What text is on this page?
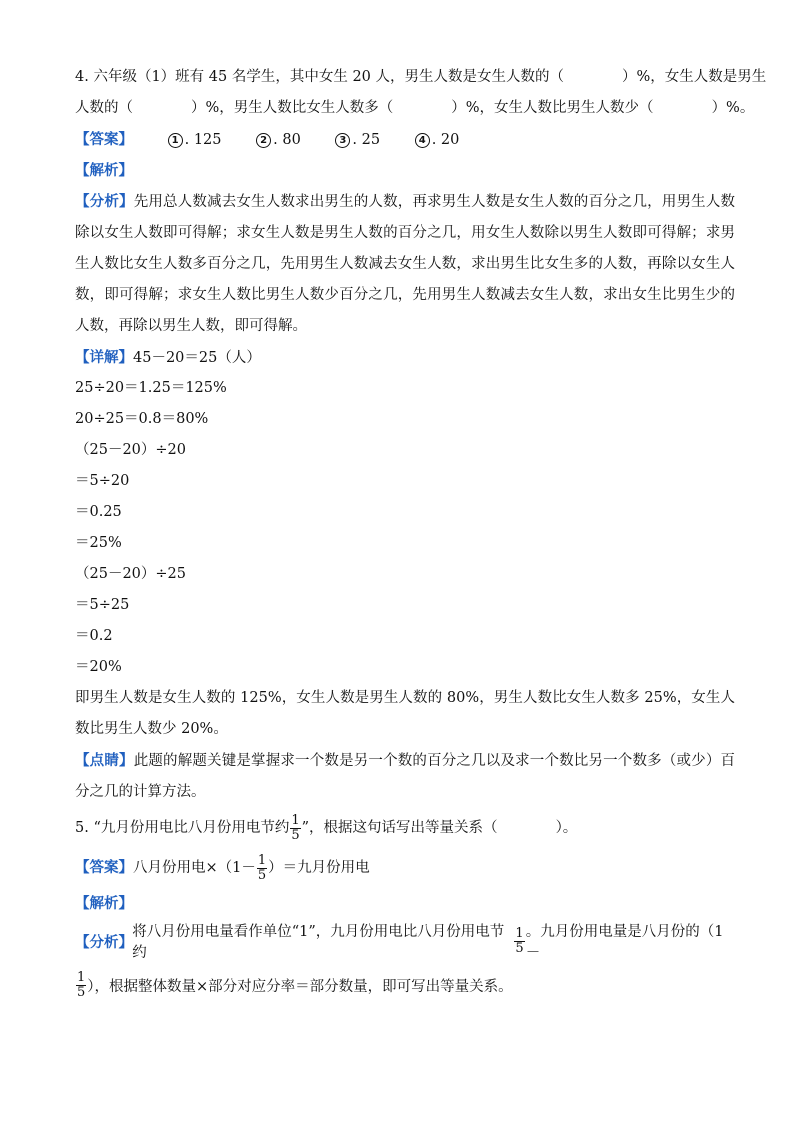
4. 六年级（1）班有 45 名学生，其中女生 20 人，男生人数是女生人数的（	）%，女生人数是男生
人数的（	）%，男生人数比女生人数多（	）%，女生人数比男生人数少（	）%。
【答案】	1 . 125	2 . 80	3 . 25	4 . 20
【解析】
【分析】先用总人数减去女生人数求出男生的人数，再求男生人数是女生人数的百分之几，用男生人数除以女生人数即可得解；求女生人数是男生人数的百分之几，用女生人数除以男生人数即可得解；求男生人数比女生人数多百分之几，先用男生人数减去女生人数，求出男生比女生多的人数，再除以女生人数，即可得解；求女生人数比男生人数少百分之几，先用男生人数减去女生人数，求出女生比男生少的人数，再除以男生人数，即可得解。
【详解】45－20＝25（人）
25÷20＝1.25＝125%
20÷25＝0.8＝80%
（25－20）÷20
＝5÷20
＝0.25
＝25%
（25－20）÷25
＝5÷25
＝0.2
＝20%
即男生人数是女生人数的 125%，女生人数是男生人数的 80%，男生人数比女生人数多 25%，女生人数比男生人数少 20%。
【点睛】此题的解题关键是掌握求一个数是另一个数的百分之几以及求一个数比另一个数多（或少）百分之几的计算方法。
5. “九月份用电比八月份用电节约 $\frac{1}{5}$ ”，根据这句话写出等量关系（	）。
【答案】八月份用电$\times(1- \frac{1}{5}$ ）＝九月份用电
【解析】
【分析】
将八月份用电量看作单位“1”，九月份用电比八月份用电节约	$\frac{1}{5}$ 。九月份用电量是八月份的（1－
$\frac{1}{5}$ ），根据整体数量×部分对应分率＝部分数量，即可写出等量关系。
